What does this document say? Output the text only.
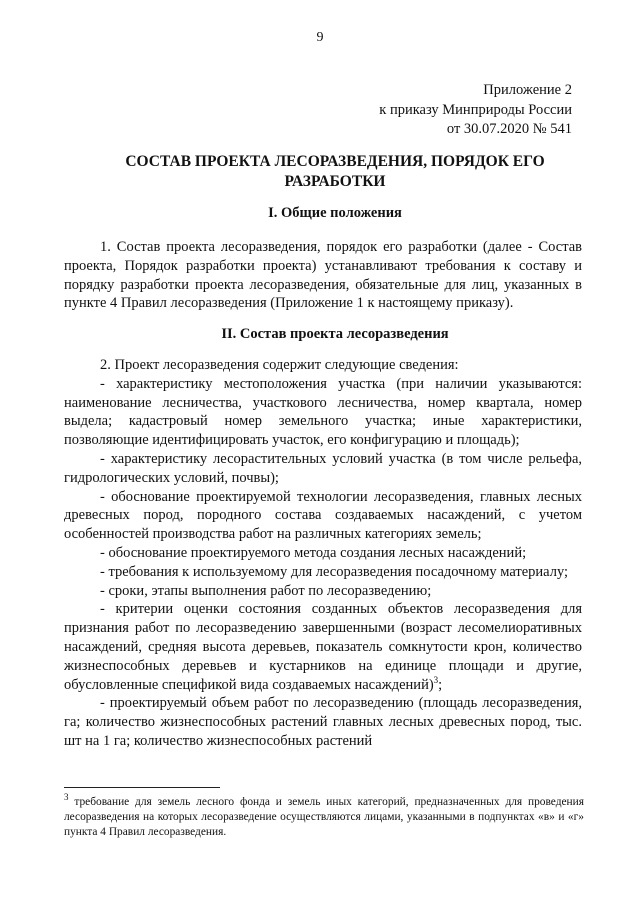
9
Приложение 2
к приказу Минприроды России
от 30.07.2020 № 541
СОСТАВ ПРОЕКТА ЛЕСОРАЗВЕДЕНИЯ, ПОРЯДОК ЕГО
РАЗРАБОТКИ
I. Общие положения

1. Состав проекта лесоразведения, порядок его разработки (далее - Состав проекта, Порядок разработки проекта) устанавливают требования к составу и порядку разработки проекта лесоразведения, обязательные для лиц, указанных в пункте 4 Правил лесоразведения (Приложение 1 к настоящему приказу).

II. Состав проекта лесоразведения

2. Проект лесоразведения содержит следующие сведения:

- характеристику местоположения участка (при наличии указываются: наименование лесничества, участкового лесничества, номер квартала, номер выдела; кадастровый номер земельного участка; иные характеристики, позволяющие идентифицировать участок, его конфигурацию и площадь);

- характеристику лесорастительных условий участка (в том числе рельефа, гидрологических условий, почвы);

- обоснование проектируемой технологии лесоразведения, главных лесных древесных пород, породного состава создаваемых насаждений, с учетом особенностей производства работ на различных категориях земель;

- обоснование проектируемого метода создания лесных насаждений;

- требования к используемому для лесоразведения посадочному материалу;

- сроки, этапы выполнения работ по лесоразведению;

- критерии оценки состояния созданных объектов лесоразведения для признания работ по лесоразведению завершенными (возраст лесомелиоративных насаждений, средняя высота деревьев, показатель сомкнутости крон, количество жизнеспособных деревьев и кустарников на единице площади и другие, обусловленные спецификой вида создаваемых насаждений)$^3$;

- проектируемый объем работ по лесоразведению (площадь лесоразведения, га; количество жизнеспособных растений главных лесных древесных пород, тыс. шт на 1 га; количество жизнеспособных растений

$^3$ требование для земель лесного фонда и земель иных категорий, предназначенных для проведения лесоразведения на которых лесоразведение осуществляются лицами, указанными в подпунктах «в» и «г» пункта 4 Правил лесоразведения.
